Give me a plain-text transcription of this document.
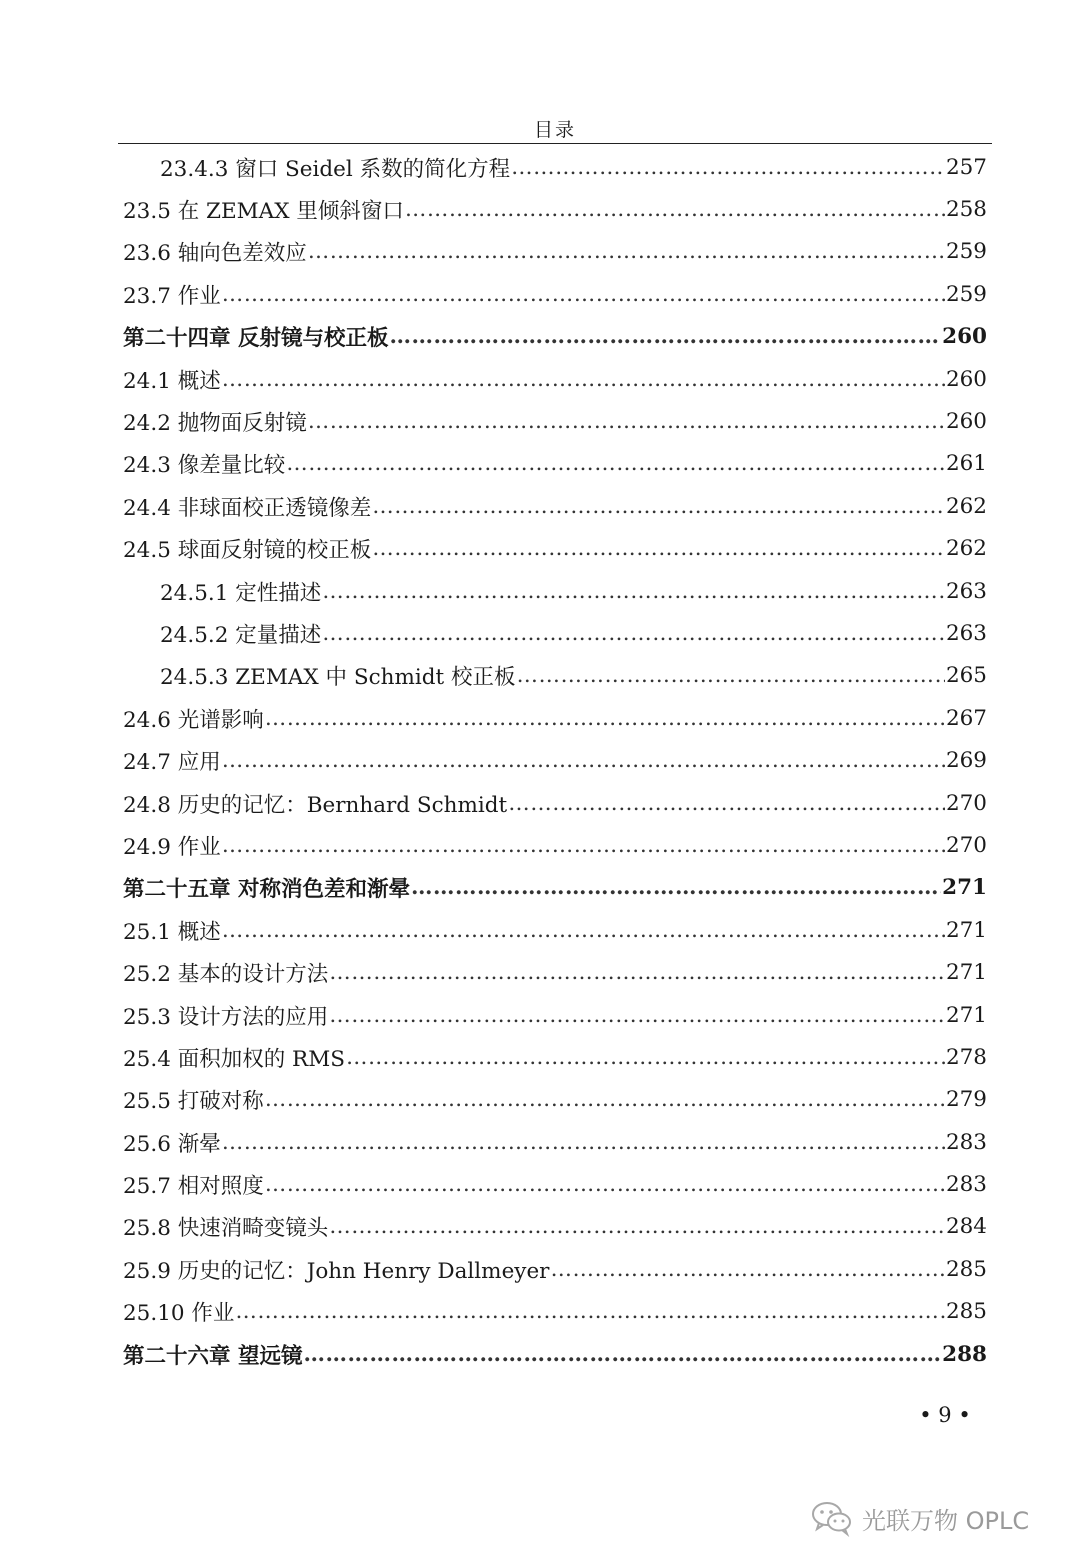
目录
23.4.3 窗口 Seidel 系数的简化方程 ……………………………………………………………………………………………………………………………………………………………………………………	257
23.5 在 ZEMAX 里倾斜窗口 ……………………………………………………………………………………………………………………………………………………………………………………	258
23.6 轴向色差效应 ……………………………………………………………………………………………………………………………………………………………………………………	259
23.7 作业 ……………………………………………………………………………………………………………………………………………………………………………………	259
第二十四章 反射镜与校正板 ……………………………………………………………………………………………………………………………………………………………………………………	260
24.1 概述 ……………………………………………………………………………………………………………………………………………………………………………………	260
24.2 抛物面反射镜 ……………………………………………………………………………………………………………………………………………………………………………………	260
24.3 像差量比较 ……………………………………………………………………………………………………………………………………………………………………………………	261
24.4 非球面校正透镜像差 ……………………………………………………………………………………………………………………………………………………………………………………	262
24.5 球面反射镜的校正板 ……………………………………………………………………………………………………………………………………………………………………………………	262
24.5.1 定性描述 ……………………………………………………………………………………………………………………………………………………………………………………	263
24.5.2 定量描述 ……………………………………………………………………………………………………………………………………………………………………………………	263
24.5.3 ZEMAX 中 Schmidt 校正板 ……………………………………………………………………………………………………………………………………………………………………………………	265
24.6 光谱影响 ……………………………………………………………………………………………………………………………………………………………………………………	267
24.7 应用 ……………………………………………………………………………………………………………………………………………………………………………………	269
24.8 历史的记忆：Bernhard Schmidt ……………………………………………………………………………………………………………………………………………………………………………………	270
24.9 作业 ……………………………………………………………………………………………………………………………………………………………………………………	270
第二十五章 对称消色差和渐晕 ……………………………………………………………………………………………………………………………………………………………………………………	271
25.1 概述 ……………………………………………………………………………………………………………………………………………………………………………………	271
25.2 基本的设计方法 ……………………………………………………………………………………………………………………………………………………………………………………	271
25.3 设计方法的应用 ……………………………………………………………………………………………………………………………………………………………………………………	271
25.4 面积加权的 RMS ……………………………………………………………………………………………………………………………………………………………………………………	278
25.5 打破对称 ……………………………………………………………………………………………………………………………………………………………………………………	279
25.6 渐晕 ……………………………………………………………………………………………………………………………………………………………………………………	283
25.7 相对照度 ……………………………………………………………………………………………………………………………………………………………………………………	283
25.8 快速消畸变镜头 ……………………………………………………………………………………………………………………………………………………………………………………	284
25.9 历史的记忆：John Henry Dallmeyer ……………………………………………………………………………………………………………………………………………………………………………………	285
25.10 作业 ……………………………………………………………………………………………………………………………………………………………………………………	285
第二十六章 望远镜 ……………………………………………………………………………………………………………………………………………………………………………………	288
• 9 •
光联万物 OPLC
